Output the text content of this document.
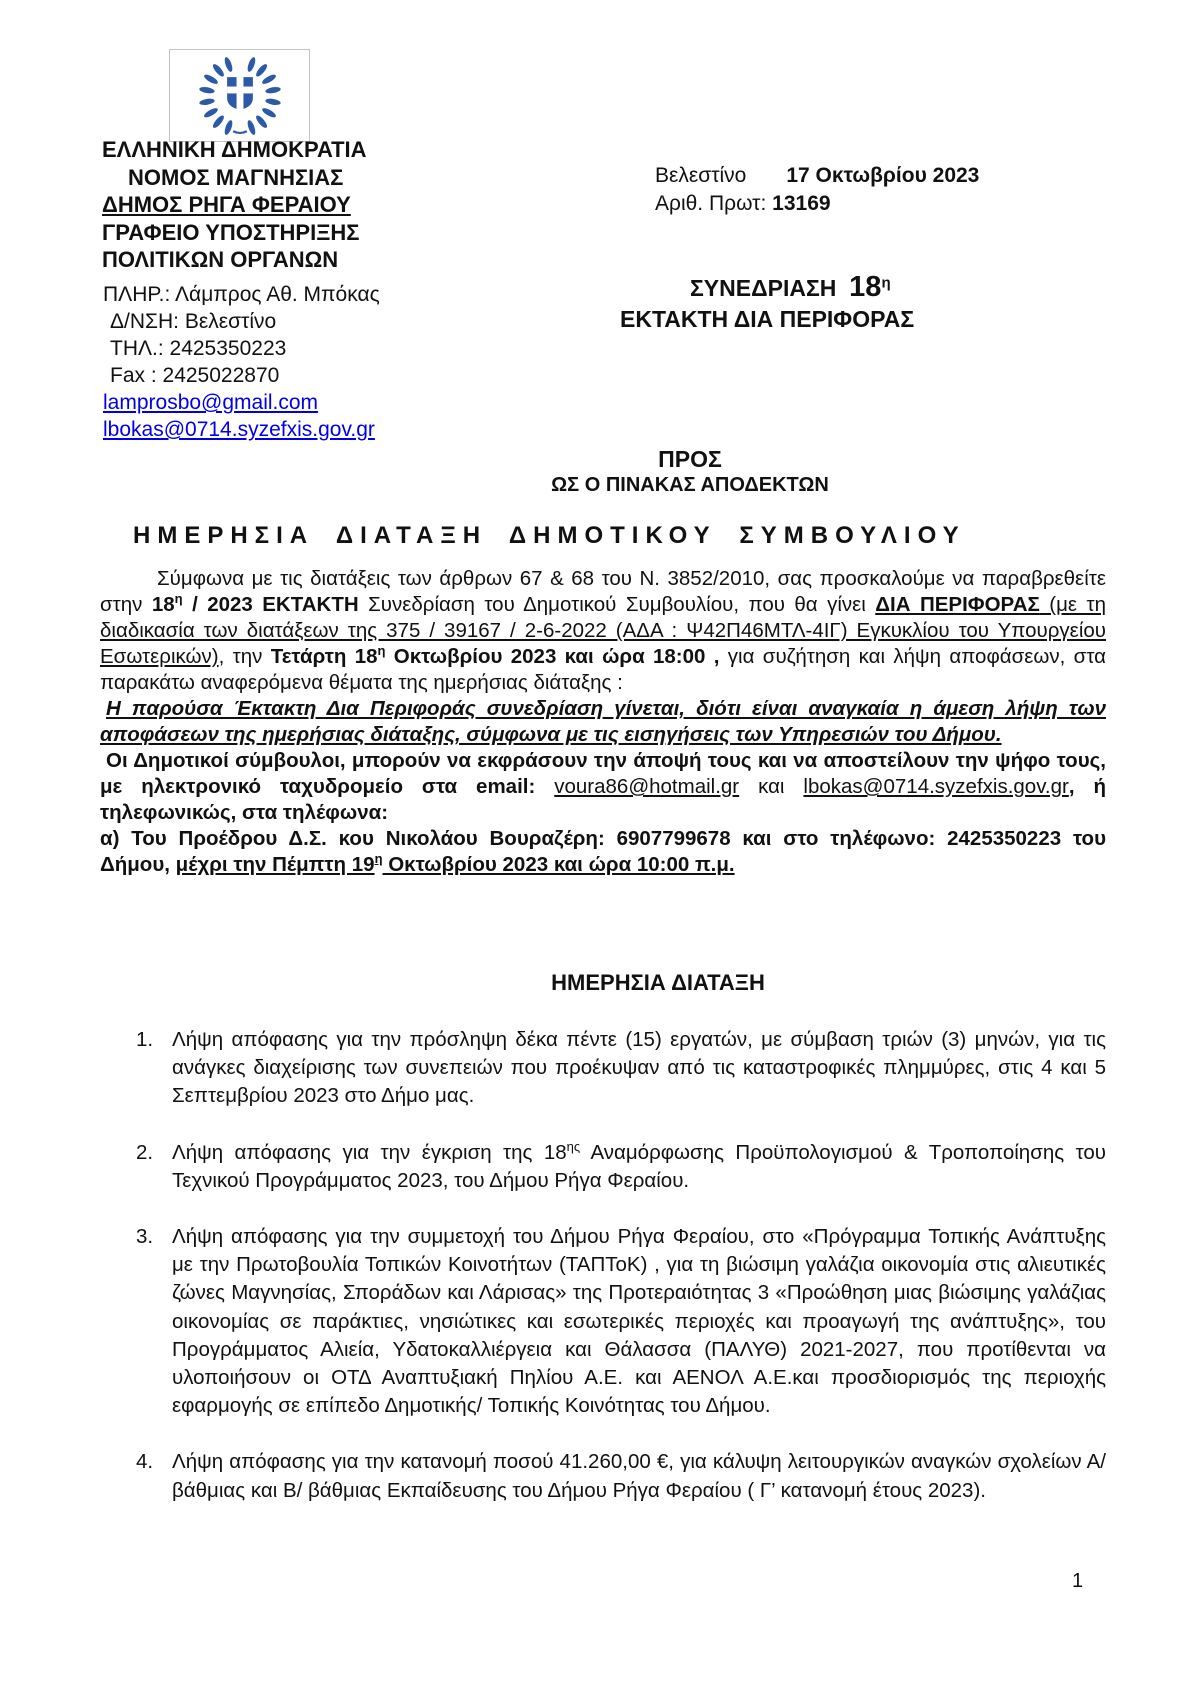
ΕΛΛΗΝΙΚΗ ΔΗΜΟΚΡΑΤΙΑ
ΝΟΜΟΣ ΜΑΓΝΗΣΙΑΣ
ΔΗΜΟΣ ΡΗΓΑ ΦΕΡΑΙΟΥ
ΓΡΑΦΕΙΟ ΥΠΟΣΤΗΡΙΞΗΣ
ΠΟΛΙΤΙΚΩΝ ΟΡΓΑΝΩΝ
ΠΛΗΡ.: Λάμπρος Αθ. Μπόκας
Δ/ΝΣΗ: Βελεστίνο
ΤΗΛ.: 2425350223
Fax : 2425022870
lamprosbo@gmail.com
lbokas@0714.syzefxis.gov.gr
Βελεστίνο 17 Οκτωβρίου 2023
Αριθ. Πρωτ: 13169
ΣΥΝΕΔΡΙΑΣΗ $18^\eta$
ΕΚΤΑΚΤΗ ΔΙΑ ΠΕΡΙΦΟΡΑΣ
ΠΡΟΣ
ΩΣ Ο ΠΙΝΑΚΑΣ ΑΠΟΔΕΚΤΩΝ
ΗΜΕΡΗΣΙΑ ΔΙΑΤΑΞΗ ΔΗΜΟΤΙΚΟΥ ΣΥΜΒΟΥΛΙΟΥ

Σύμφωνα με τις διατάξεις των άρθρων 67 & 68 του Ν. 3852/2010, σας προσκαλούμε να παραβρεθείτε στην $18^\eta / 2023$ ΕΚΤΑΚΤΗ Συνεδρίαση του Δημοτικού Συμβουλίου, που θα γίνει ΔΙΑ ΠΕΡΙΦΟΡΑΣ (με τη διαδικασία των διατάξεων της 375 / 39167 / 2-6-2022 (ΑΔΑ : Ψ42Π46ΜΤΛ-4ΙΓ) Εγκυκλίου του Υπουργείου Εσωτερικών), την Τετάρτη $18^\eta$ Οκτωβρίου 2023 και ώρα 18:00 , για συζήτηση και λήψη αποφάσεων, στα παρακάτω αναφερόμενα θέματα της ημερήσιας διάταξης :

Η παρούσα Έκτακτη Δια Περιφοράς συνεδρίαση γίνεται, διότι είναι αναγκαία η άμεση λήψη των αποφάσεων της ημερήσιας διάταξης, σύμφωνα με τις εισηγήσεις των Υπηρεσιών του Δήμου.

Οι Δημοτικοί σύμβουλοι, μπορούν να εκφράσουν την άποψή τους και να αποστείλουν την ψήφο τους, με ηλεκτρονικό ταχυδρομείο στα email: voura86@hotmail.gr και lbokas@0714.syzefxis.gov.gr, ή τηλεφωνικώς, στα τηλέφωνα:

α) Του Προέδρου Δ.Σ. κου Νικολάου Βουραζέρη: 6907799678 και στο τηλέφωνο: 2425350223 του Δήμου, μέχρι την Πέμπτη $19^\eta$ Οκτωβρίου 2023 και ώρα 10:00 π.μ.

ΗΜΕΡΗΣΙΑ ΔΙΑΤΑΞΗ
1. Λήψη απόφασης για την πρόσληψη δέκα πέντε (15) εργατών, με σύμβαση τριών (3) μηνών, για τις ανάγκες διαχείρισης των συνεπειών που προέκυψαν από τις καταστροφικές πλημμύρες, στις 4 και 5 Σεπτεμβρίου 2023 στο Δήμο μας.
2. Λήψη απόφασης για την έγκριση της $18^{\eta\varsigma}$ Αναμόρφωσης Προϋπολογισμού & Τροποποίησης του Τεχνικού Προγράμματος 2023, του Δήμου Ρήγα Φεραίου.
3. Λήψη απόφασης για την συμμετοχή του Δήμου Ρήγα Φεραίου, στο «Πρόγραμμα Τοπικής Ανάπτυξης με την Πρωτοβουλία Τοπικών Κοινοτήτων (ΤΑΠΤοΚ) , για τη βιώσιμη γαλάζια οικονομία στις αλιευτικές ζώνες Μαγνησίας, Σποράδων και Λάρισας» της Προτεραιότητας 3 «Προώθηση μιας βιώσιμης γαλάζιας οικονομίας σε παράκτιες, νησιώτικες και εσωτερικές περιοχές και προαγωγή της ανάπτυξης», του Προγράμματος Αλιεία, Υδατοκαλλιέργεια και Θάλασσα (ΠΑΛΥΘ) 2021-2027, που προτίθενται να υλοποιήσουν οι ΟΤΔ Αναπτυξιακή Πηλίου Α.Ε. και ΑΕΝΟΛ Α.Ε.και προσδιορισμός της περιοχής εφαρμογής σε επίπεδο Δημοτικής/ Τοπικής Κοινότητας του Δήμου.
4. Λήψη απόφασης για την κατανομή ποσού 41.260,00 €, για κάλυψη λειτουργικών αναγκών σχολείων Α/βάθμιας και Β/ βάθμιας Εκπαίδευσης του Δήμου Ρήγα Φεραίου ( Γ’ κατανομή έτους 2023).
1
